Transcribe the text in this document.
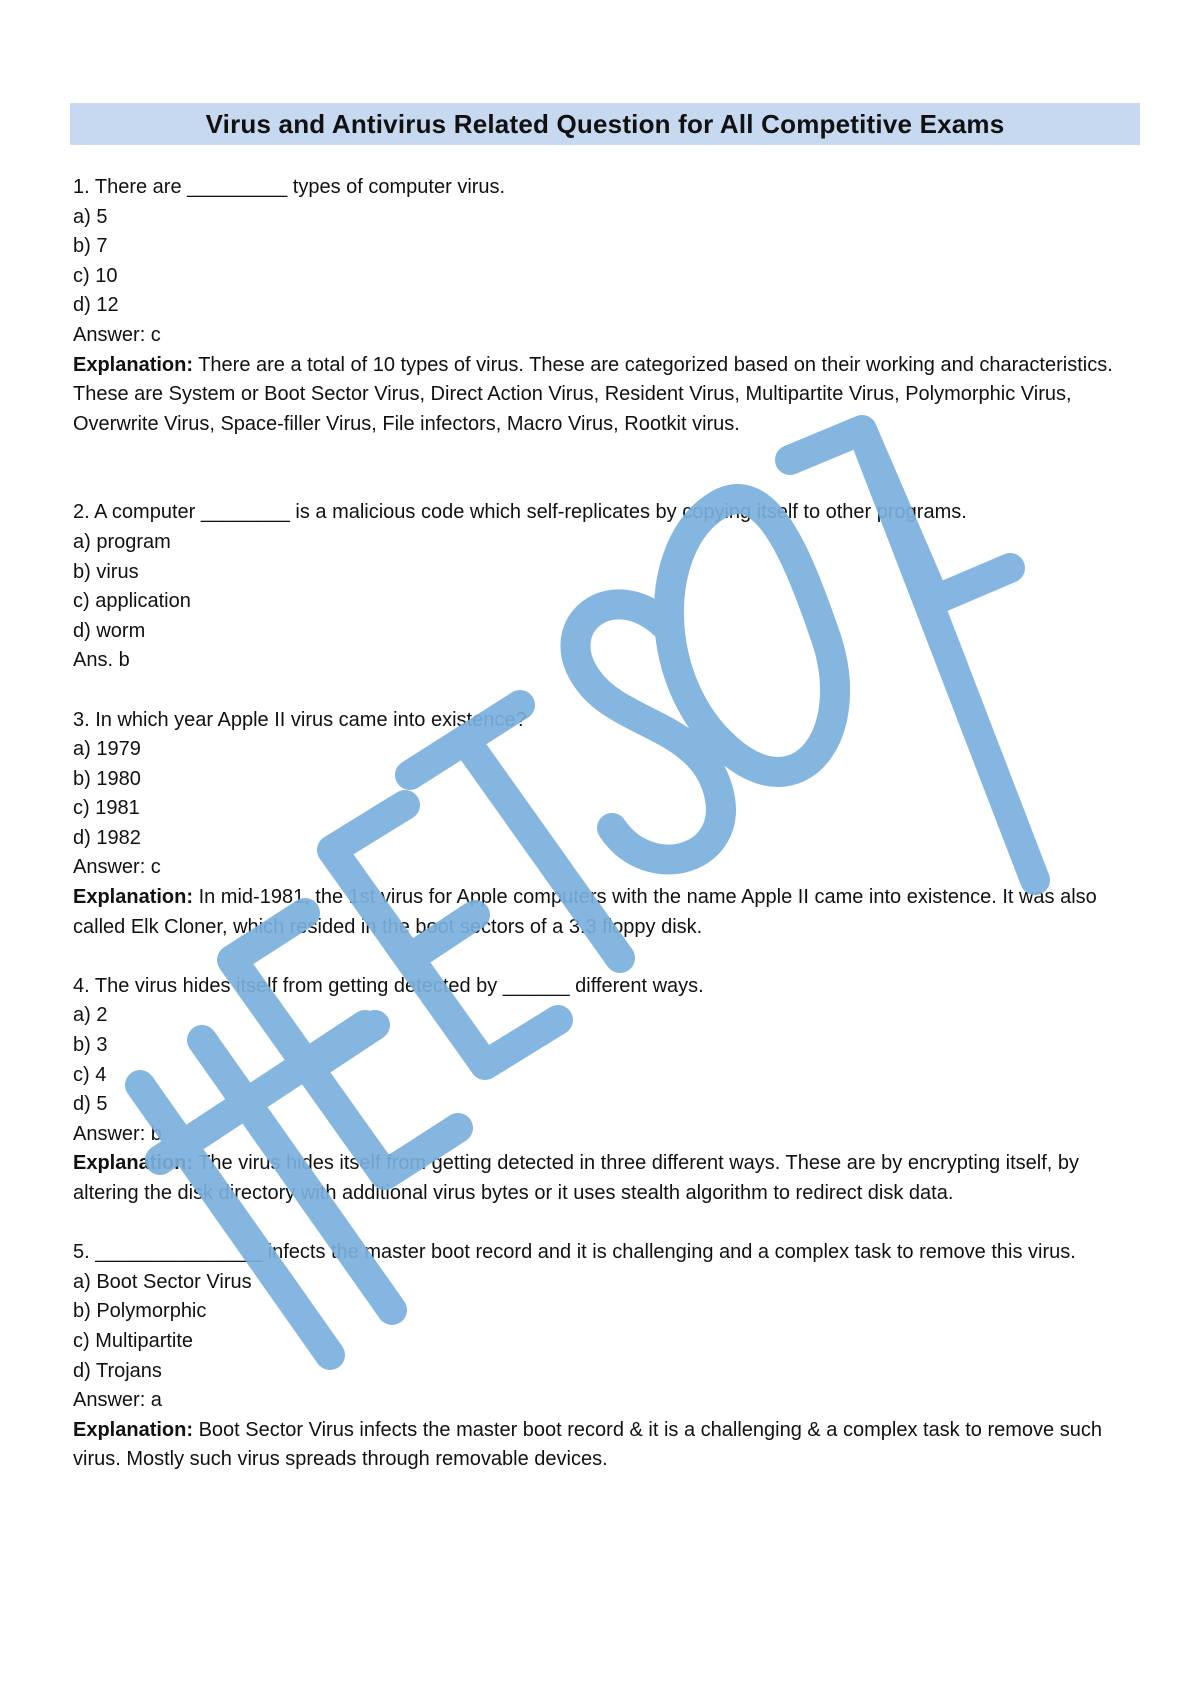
Virus and Antivirus Related Question for All Competitive Exams
1. There are _________ types of computer virus.
a) 5
b) 7
c) 10
d) 12
Answer: c
Explanation: There are a total of 10 types of virus. These are categorized based on their working and characteristics. These are System or Boot Sector Virus, Direct Action Virus, Resident Virus, Multipartite Virus, Polymorphic Virus, Overwrite Virus, Space-filler Virus, File infectors, Macro Virus, Rootkit virus.
2. A computer ________ is a malicious code which self-replicates by copying itself to other programs.
a) program
b) virus
c) application
d) worm
Ans. b
3. In which year Apple II virus came into existence?
a) 1979
b) 1980
c) 1981
d) 1982
Answer: c
Explanation: In mid-1981, the 1st virus for Apple computers with the name Apple II came into existence. It was also called Elk Cloner, which resided in the boot sectors of a 3.3 floppy disk.
4. The virus hides itself from getting detected by ______ different ways.
a) 2
b) 3
c) 4
d) 5
Answer: b
Explanation: The virus hides itself from getting detected in three different ways. These are by encrypting itself, by altering the disk directory with additional virus bytes or it uses stealth algorithm to redirect disk data.
5. _______________ infects the master boot record and it is challenging and a complex task to remove this virus.
a) Boot Sector Virus
b) Polymorphic
c) Multipartite
d) Trojans
Answer: a
Explanation: Boot Sector Virus infects the master boot record & it is a challenging & a complex task to remove such virus. Mostly such virus spreads through removable devices.
